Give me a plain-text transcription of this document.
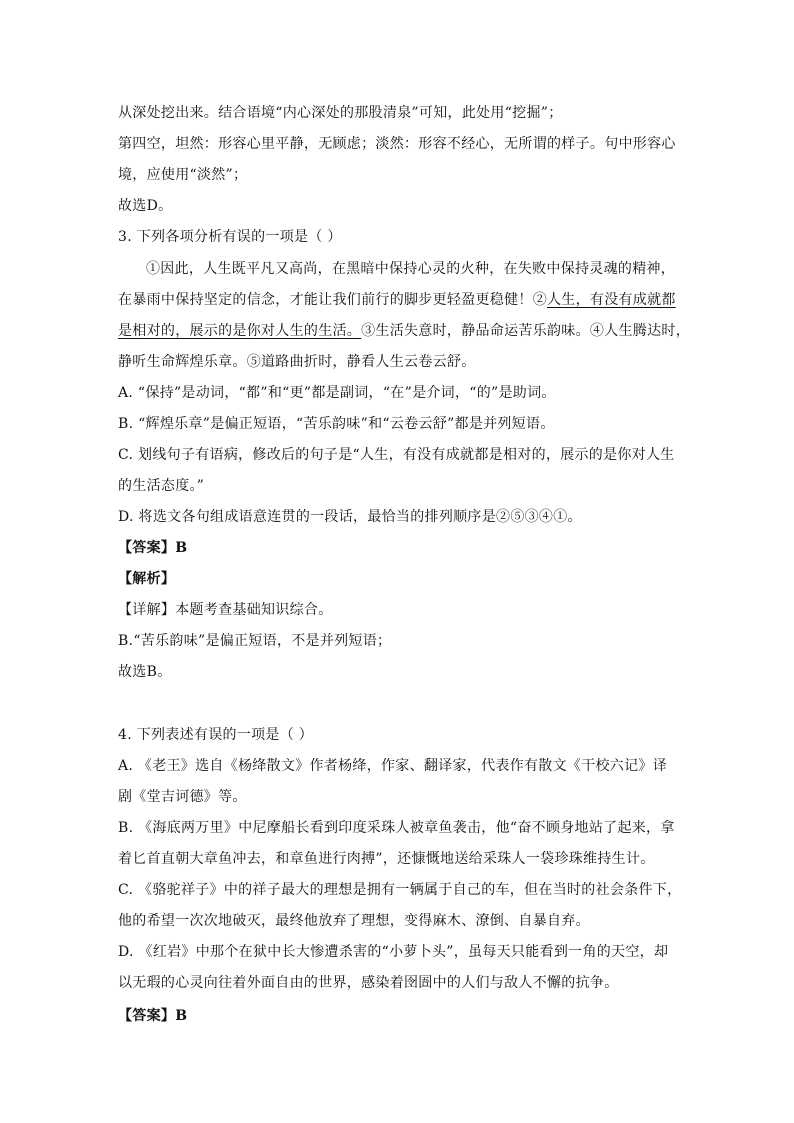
从深处挖出来。结合语境“内心深处的那股清泉”可知，此处用“挖掘”；
第四空，坦然：形容心里平静，无顾虑；淡然：形容不经心，无所谓的样子。句中形容心
境，应使用“淡然”；
故选D。
3. 下列各项分析有误的一项是（ ）
①因此，人生既平凡又高尚，在黑暗中保持心灵的火种，在失败中保持灵魂的精神，
在暴雨中保持坚定的信念，才能让我们前行的脚步更轻盈更稳健！②人生，有没有成就都
是相对的，展示的是你对人生的生活。③生活失意时，静品命运苦乐韵味。④人生腾达时，
静听生命辉煌乐章。⑤道路曲折时，静看人生云卷云舒。
A. “保持”是动词，“都”和“更”都是副词，“在”是介词，“的”是助词。
B. “辉煌乐章”是偏正短语，“苦乐韵味”和“云卷云舒”都是并列短语。
C. 划线句子有语病，修改后的句子是“人生，有没有成就都是相对的，展示的是你对人生
的生活态度。”
D. 将选文各句组成语意连贯的一段话，最恰当的排列顺序是②⑤③④①。
【答案】B
【解析】
【详解】本题考查基础知识综合。
B.“苦乐韵味”是偏正短语，不是并列短语；
故选B。
4. 下列表述有误的一项是（ ）
A. 《老王》选自《杨绛散文》作者杨绛，作家、翻译家，代表作有散文《干校六记》译
剧《堂吉诃德》等。
B. 《海底两万里》中尼摩船长看到印度采珠人被章鱼袭击，他“奋不顾身地站了起来，拿
着匕首直朝大章鱼冲去，和章鱼进行肉搏”，还慷慨地送给采珠人一袋珍珠维持生计。
C. 《骆驼祥子》中的祥子最大的理想是拥有一辆属于自己的车，但在当时的社会条件下，
他的希望一次次地破灭，最终他放弃了理想，变得麻木、潦倒、自暴自弃。
D. 《红岩》中那个在狱中长大惨遭杀害的“小萝卜头”，虽每天只能看到一角的天空，却
以无瑕的心灵向往着外面自由的世界，感染着囹圄中的人们与敌人不懈的抗争。
【答案】B
